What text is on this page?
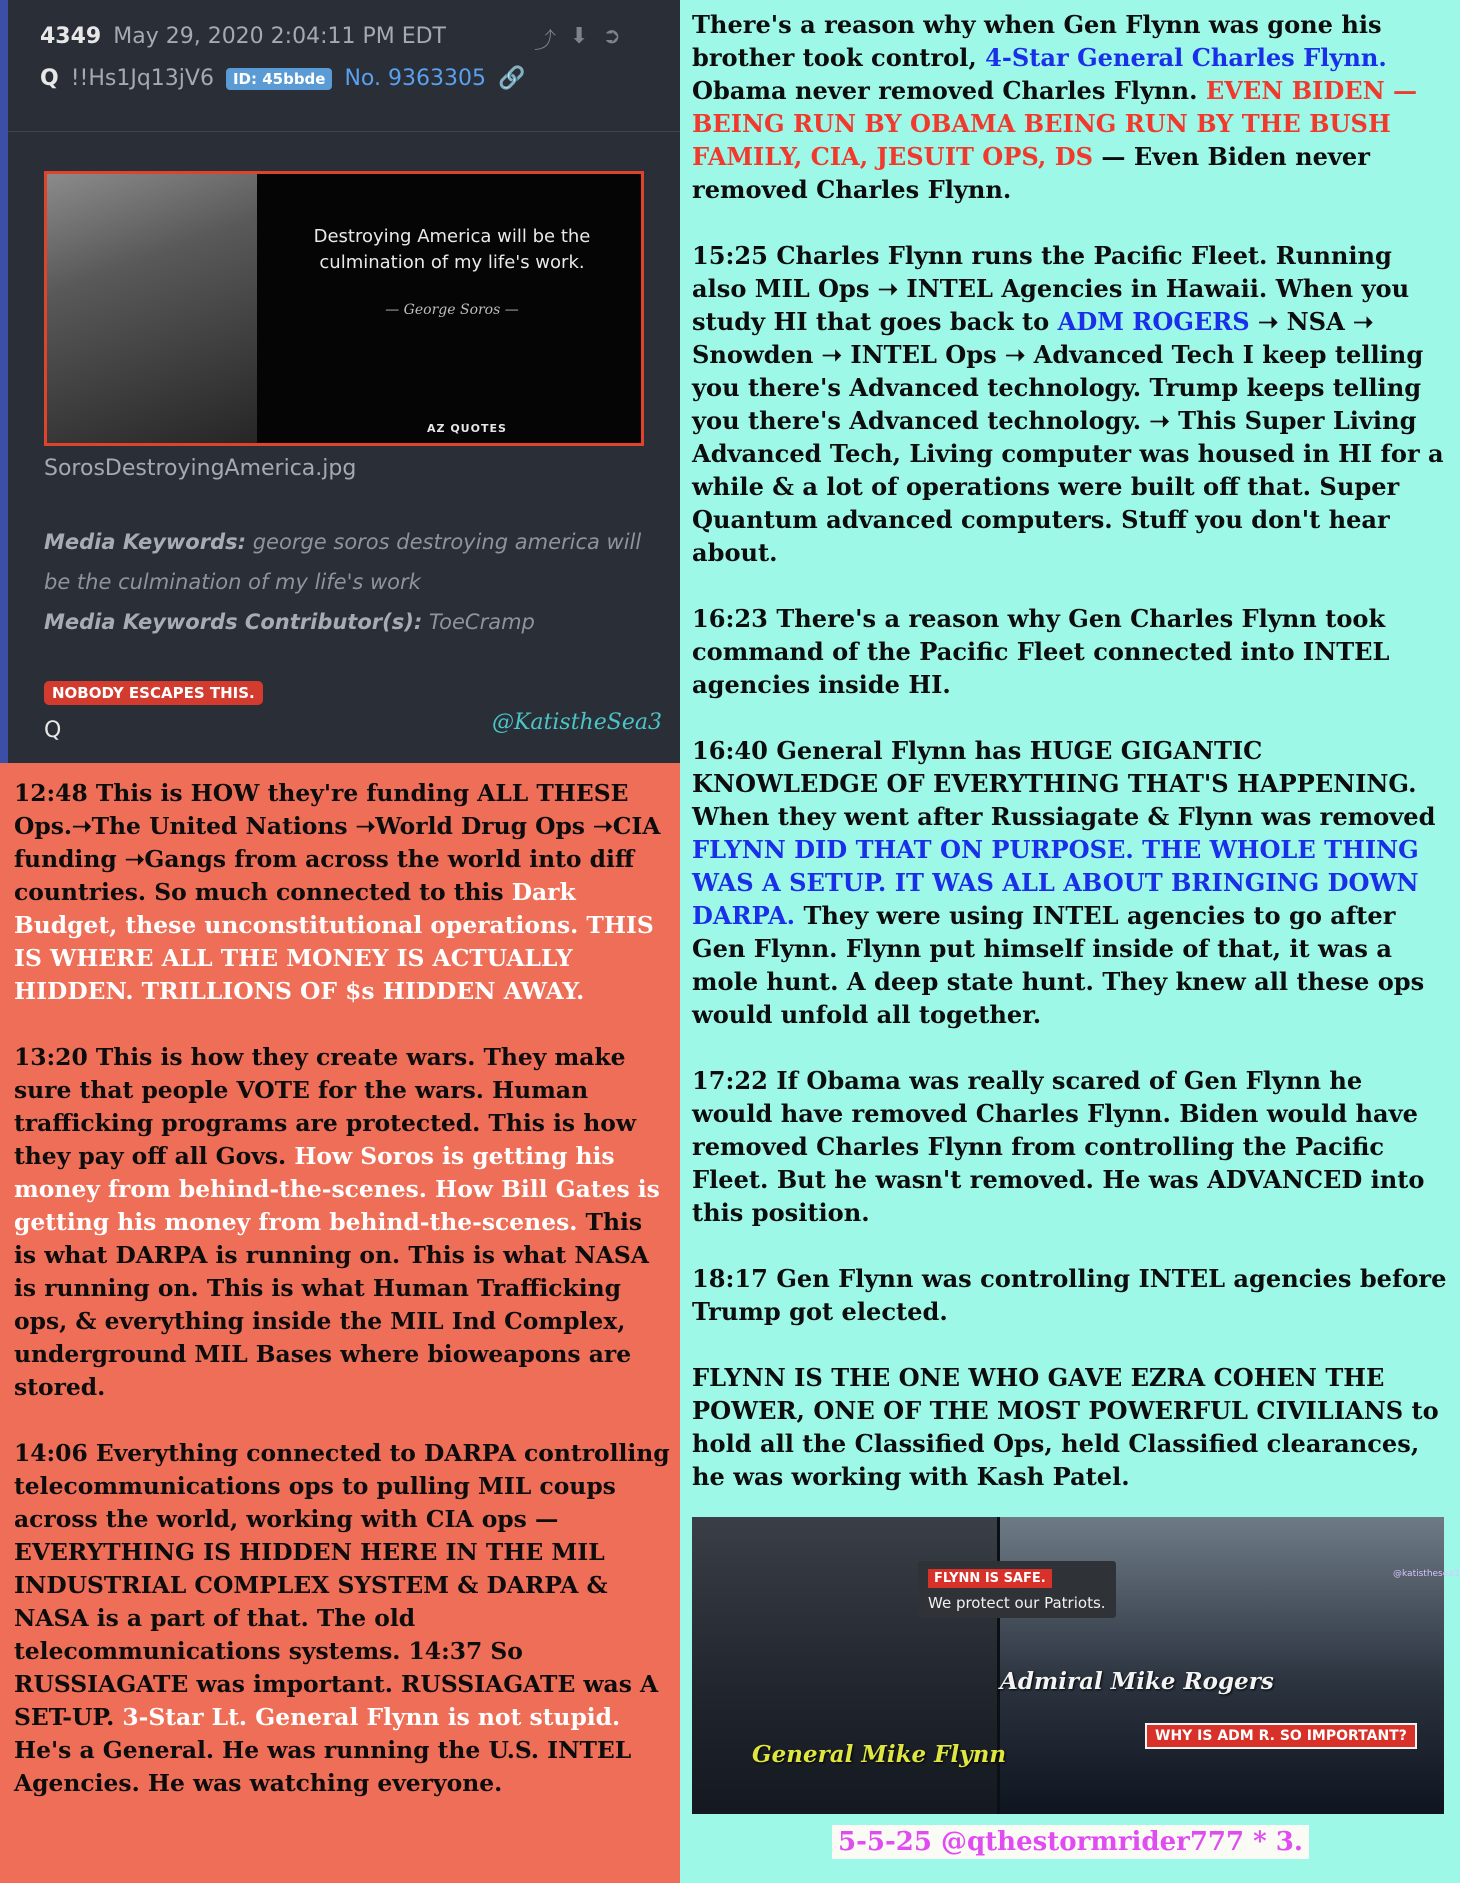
4349 May 29, 2020 2:04:11 PM EDT	⤴ ⬇ ➲
Q !!Hs1Jq13jV6	ID: 45bbde No. 9363305 🔗
Destroying America will be the culmination of my life's work.
— George Soros —
AZ QUOTES
SorosDestroyingAmerica.jpg
Media Keywords: george soros destroying america will be the culmination of my life's work
Media Keywords Contributor(s): ToeCramp
NOBODY ESCAPES THIS.
Q	@KatistheSea3

12:48 This is HOW they're funding ALL THESE Ops.➝The United Nations ➝World Drug Ops ➝CIA funding ➝Gangs from across the world into diff countries. So much connected to this Dark Budget, these unconstitutional operations. THIS IS WHERE ALL THE MONEY IS ACTUALLY HIDDEN. TRILLIONS OF $s HIDDEN AWAY.

13:20 This is how they create wars. They make sure that people VOTE for the wars. Human trafficking programs are protected. This is how they pay off all Govs. How Soros is getting his money from behind-the-scenes. How Bill Gates is getting his money from behind-the-scenes. This is what DARPA is running on. This is what NASA is running on. This is what Human Trafficking ops, & everything inside the MIL Ind Complex, underground MIL Bases where bioweapons are stored.

14:06 Everything connected to DARPA controlling telecommunications ops to pulling MIL coups across the world, working with CIA ops — EVERYTHING IS HIDDEN HERE IN THE MIL INDUSTRIAL COMPLEX SYSTEM & DARPA & NASA is a part of that. The old telecommunications systems. 14:37 So RUSSIAGATE was important. RUSSIAGATE was A SET-UP. 3-Star Lt. General Flynn is not stupid. He's a General. He was running the U.S. INTEL Agencies. He was watching everyone.

There's a reason why when Gen Flynn was gone his brother took control, 4-Star General Charles Flynn. Obama never removed Charles Flynn. EVEN BIDEN — BEING RUN BY OBAMA BEING RUN BY THE BUSH FAMILY, CIA, JESUIT OPS, DS — Even Biden never removed Charles Flynn.

15:25 Charles Flynn runs the Pacific Fleet. Running also MIL Ops ➝ INTEL Agencies in Hawaii. When you study HI that goes back to ADM ROGERS ➝ NSA ➝ Snowden ➝ INTEL Ops ➝ Advanced Tech I keep telling you there's Advanced technology. Trump keeps telling you there's Advanced technology. ➝ This Super Living Advanced Tech, Living computer was housed in HI for a while & a lot of operations were built off that. Super Quantum advanced computers. Stuff you don't hear about.

16:23 There's a reason why Gen Charles Flynn took command of the Pacific Fleet connected into INTEL agencies inside HI.

16:40 General Flynn has HUGE GIGANTIC KNOWLEDGE OF EVERYTHING THAT'S HAPPENING. When they went after Russiagate & Flynn was removed FLYNN DID THAT ON PURPOSE. THE WHOLE THING WAS A SETUP. IT WAS ALL ABOUT BRINGING DOWN DARPA. They were using INTEL agencies to go after Gen Flynn. Flynn put himself inside of that, it was a mole hunt. A deep state hunt. They knew all these ops would unfold all together.

17:22 If Obama was really scared of Gen Flynn he would have removed Charles Flynn. Biden would have removed Charles Flynn from controlling the Pacific Fleet. But he wasn't removed. He was ADVANCED into this position.

18:17 Gen Flynn was controlling INTEL agencies before Trump got elected.

FLYNN IS THE ONE WHO GAVE EZRA COHEN THE POWER, ONE OF THE MOST POWERFUL CIVILIANS to hold all the Classified Ops, held Classified clearances, he was working with Kash Patel.

FLYNN IS SAFE.
We protect our Patriots.
@katisthesea3
Admiral Mike Rogers
General Mike Flynn
WHY IS ADM R. SO IMPORTANT?
5-5-25 @qthestormrider777 * 3.
